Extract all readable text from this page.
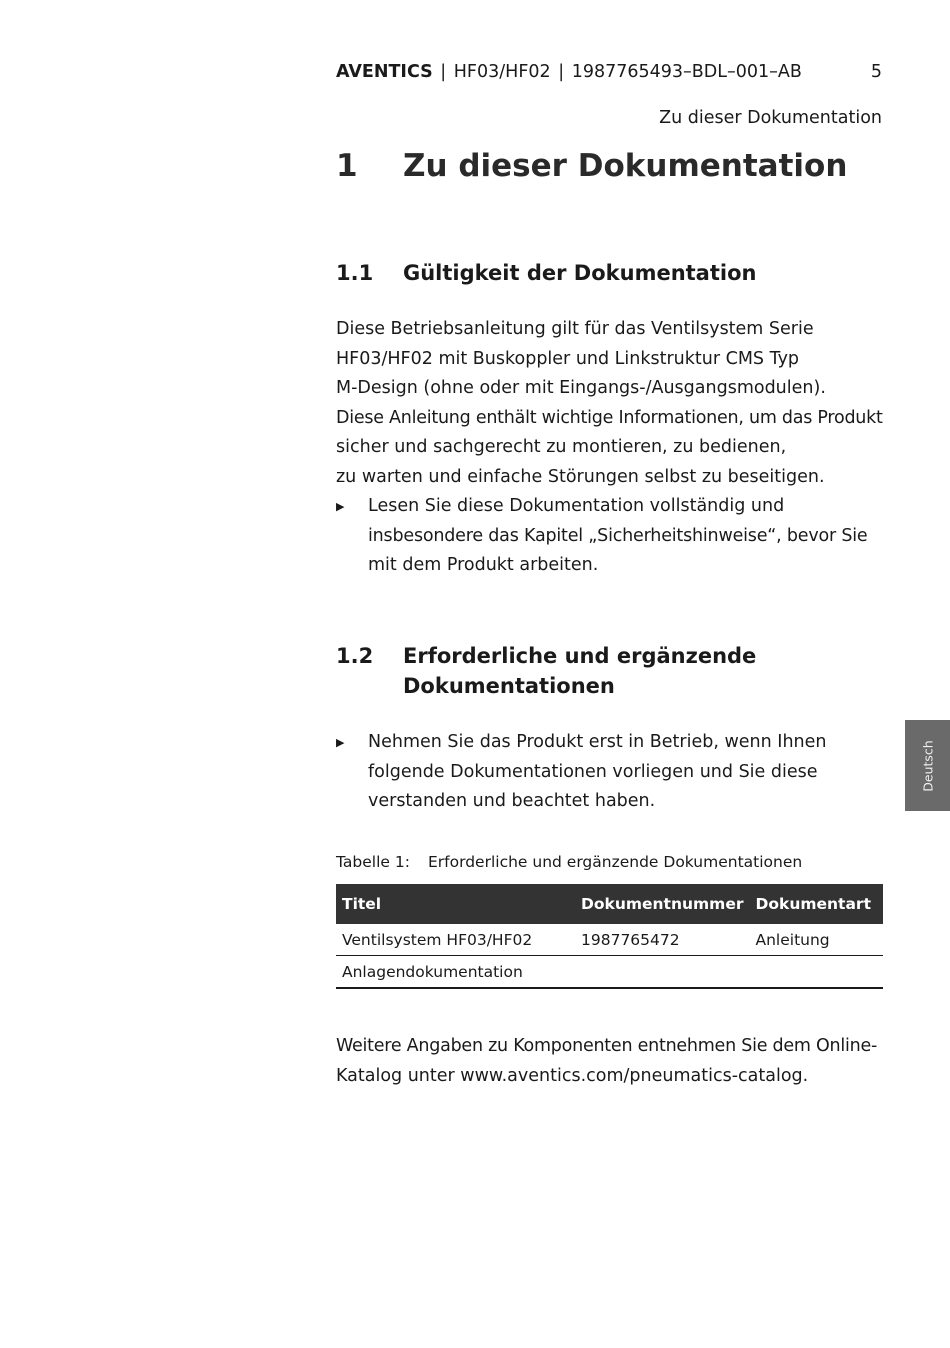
AVENTICS | HF03/HF02 | 1987765493–BDL–001–AB	5
Zu dieser Dokumentation
1 Zu dieser Dokumentation
1.1	Gültigkeit der Dokumentation
Diese Betriebsanleitung gilt für das Ventilsystem Serie
HF03/HF02 mit Buskoppler und Linkstruktur CMS Typ
M-Design (ohne oder mit Eingangs-/Ausgangsmodulen).
Diese Anleitung enthält wichtige Informationen, um das Produkt
sicher und sachgerecht zu montieren, zu bedienen,
zu warten und einfache Störungen selbst zu beseitigen.
▶ Lesen Sie diese Dokumentation vollständig und
insbesondere das Kapitel „Sicherheitshinweise“, bevor Sie
mit dem Produkt arbeiten.
1.2	Erforderliche und ergänzende
Dokumentationen
▶ Nehmen Sie das Produkt erst in Betrieb, wenn Ihnen
folgende Dokumentationen vorliegen und Sie diese
verstanden und beachtet haben.
Tabelle 1: Erforderliche und ergänzende Dokumentationen
Titel	Dokumentnummer	Dokumentart
Ventilsystem HF03/HF02	1987765472	Anleitung
Anlagendokumentation		
Weitere Angaben zu Komponenten entnehmen Sie dem Online-
Katalog unter www.aventics.com/pneumatics-catalog.
Deutsch
